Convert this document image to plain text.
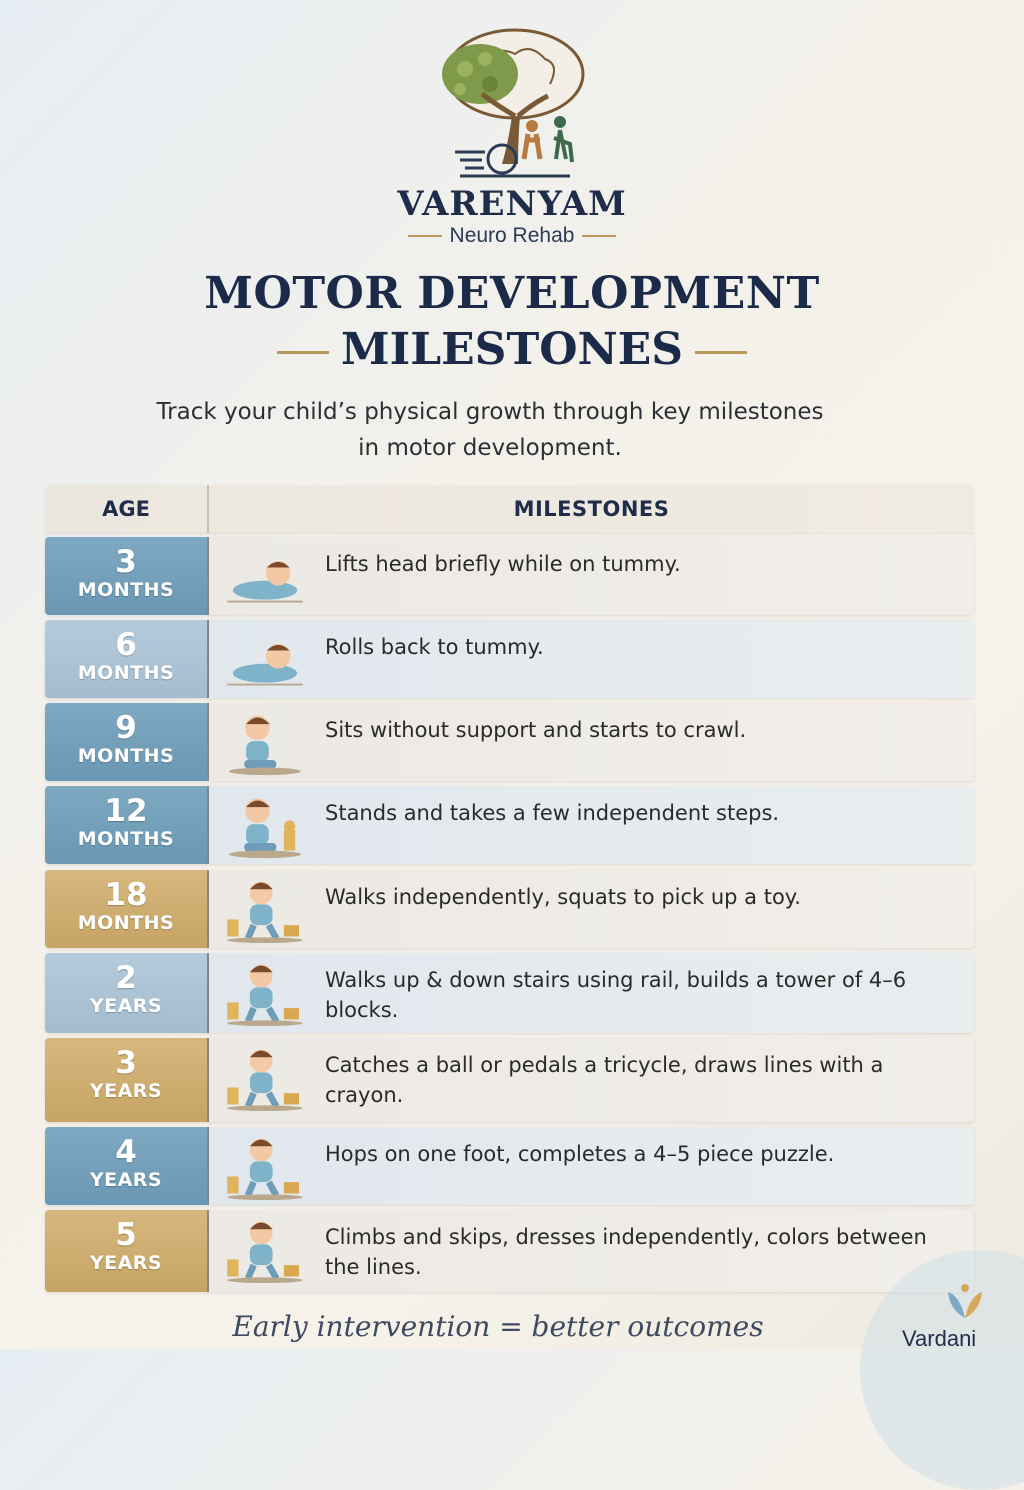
VARENYAM
Neuro Rehab
MOTOR DEVELOPMENT
MILESTONES
Track your child’s physical growth through key milestones in motor development.
AGE	MILESTONES
3
MONTHS
Lifts head briefly while on tummy.
6
MONTHS
Rolls back to tummy.
9
MONTHS
Sits without support and starts to crawl.
12
MONTHS
Stands and takes a few independent steps.
18
MONTHS
Walks independently, squats to pick up a toy.
2
YEARS
Walks up & down stairs using rail, builds a tower of 4–6 blocks.
3
YEARS
Catches a ball or pedals a tricycle, draws lines with a crayon.
4
YEARS
Hops on one foot, completes a 4–5 piece puzzle.
5
YEARS
Climbs and skips, dresses independently, colors between the lines.
Early intervention = better outcomes	Vardani
